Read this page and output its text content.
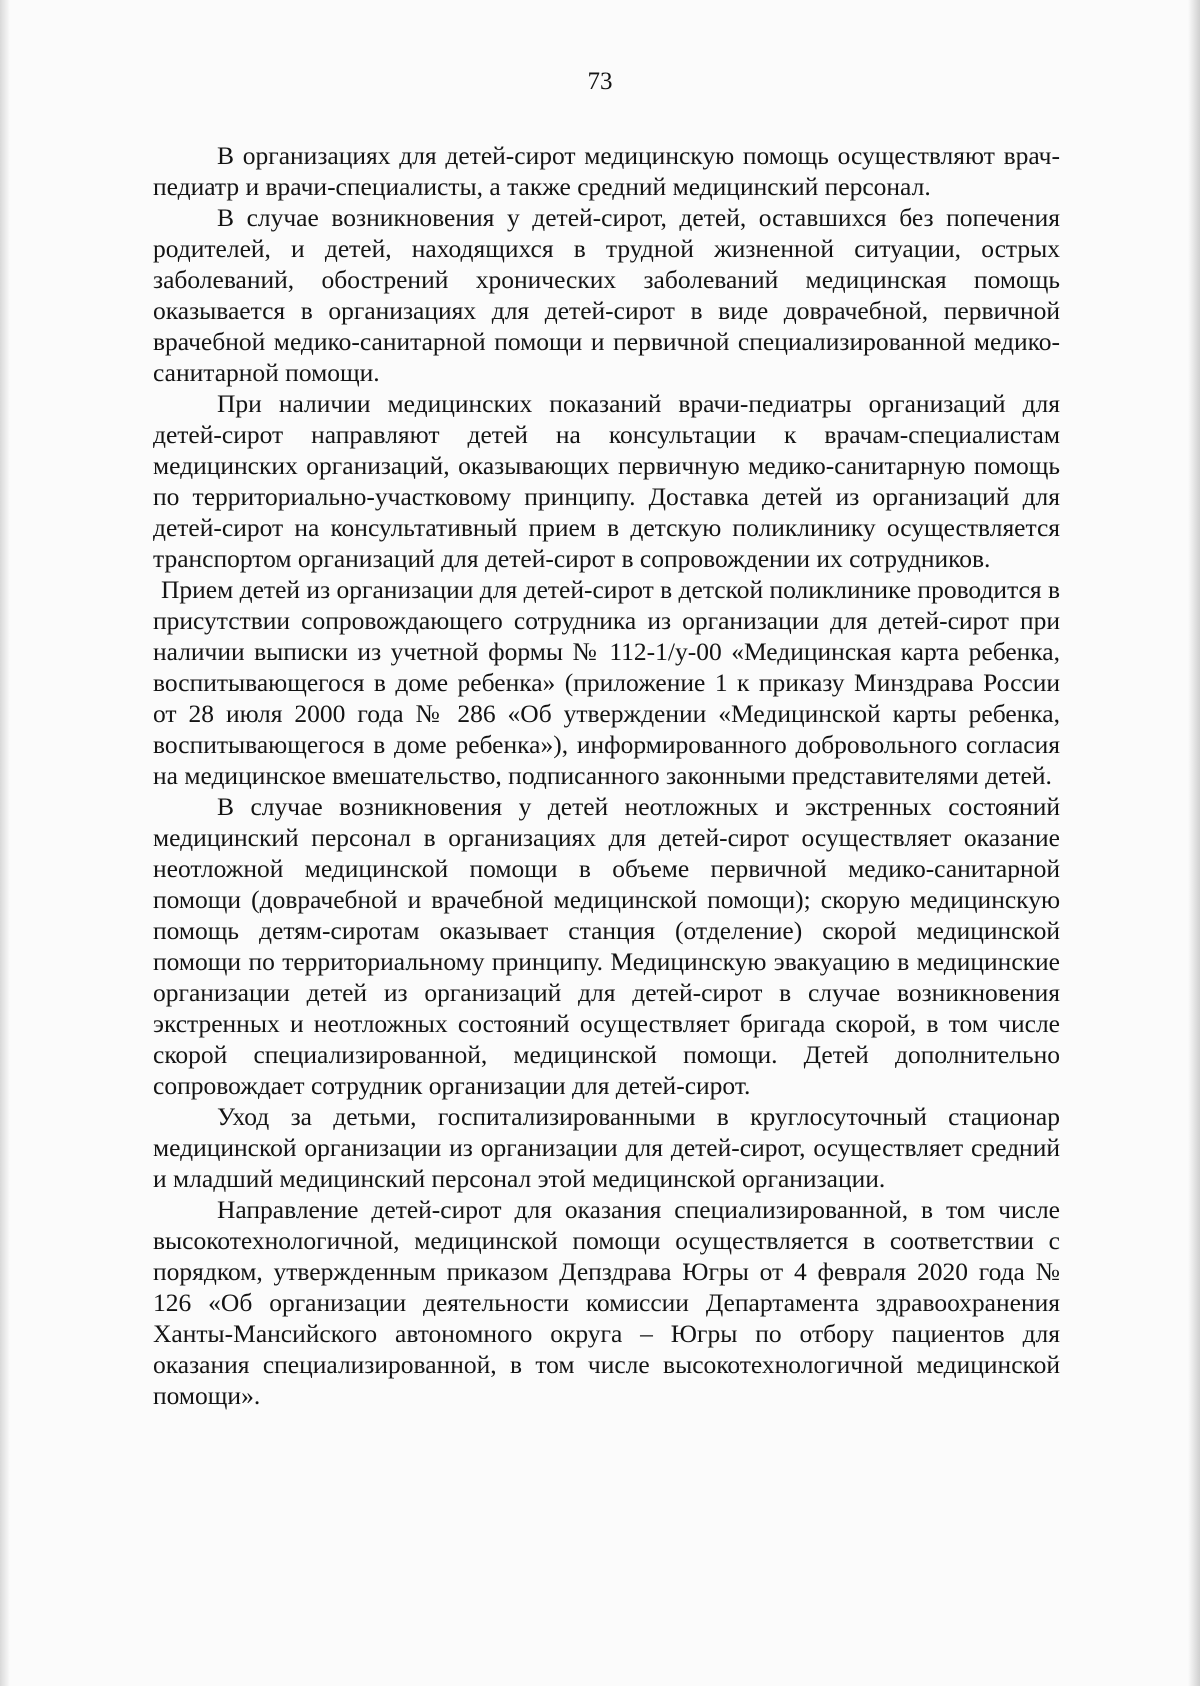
73

В организациях для детей-сирот медицинскую помощь осуществляют врач-педиатр и врачи-специалисты, а также средний медицинский персонал.

В случае возникновения у детей-сирот, детей, оставшихся без попечения родителей, и детей, находящихся в трудной жизненной ситуации, острых заболеваний, обострений хронических заболеваний медицинская помощь оказывается в организациях для детей-сирот в виде доврачебной, первичной врачебной медико-санитарной помощи и первичной специализированной медико-санитарной помощи.

При наличии медицинских показаний врачи-педиатры организаций для детей-сирот направляют детей на консультации к врачам-специалистам медицинских организаций, оказывающих первичную медико-санитарную помощь по территориально-участковому принципу. Доставка детей из организаций для детей-сирот на консультативный прием в детскую поликлинику осуществляется транспортом организаций для детей-сирот в сопровождении их сотрудников.

Прием детей из организации для детей-сирот в детской поликлинике проводится в присутствии сопровождающего сотрудника из организации для детей-сирот при наличии выписки из учетной формы № 112-1/у-00 «Медицинская карта ребенка, воспитывающегося в доме ребенка» (приложение 1 к приказу Минздрава России от 28 июля 2000 года № 286 «Об утверждении «Медицинской карты ребенка, воспитывающегося в доме ребенка»), информированного добровольного согласия на медицинское вмешательство, подписанного законными представителями детей.

В случае возникновения у детей неотложных и экстренных состояний медицинский персонал в организациях для детей-сирот осуществляет оказание неотложной медицинской помощи в объеме первичной медико-санитарной помощи (доврачебной и врачебной медицинской помощи); скорую медицинскую помощь детям-сиротам оказывает станция (отделение) скорой медицинской помощи по территориальному принципу. Медицинскую эвакуацию в медицинские организации детей из организаций для детей-сирот в случае возникновения экстренных и неотложных состояний осуществляет бригада скорой, в том числе скорой специализированной, медицинской помощи. Детей дополнительно сопровождает сотрудник организации для детей-сирот.

Уход за детьми, госпитализированными в круглосуточный стационар медицинской организации из организации для детей-сирот, осуществляет средний и младший медицинский персонал этой медицинской организации.

Направление детей-сирот для оказания специализированной, в том числе высокотехнологичной, медицинской помощи осуществляется в соответствии с порядком, утвержденным приказом Депздрава Югры от 4 февраля 2020 года № 126 «Об организации деятельности комиссии Департамента здравоохранения Ханты-Мансийского автономного округа – Югры по отбору пациентов для оказания специализированной, в том числе высокотехнологичной медицинской помощи».
